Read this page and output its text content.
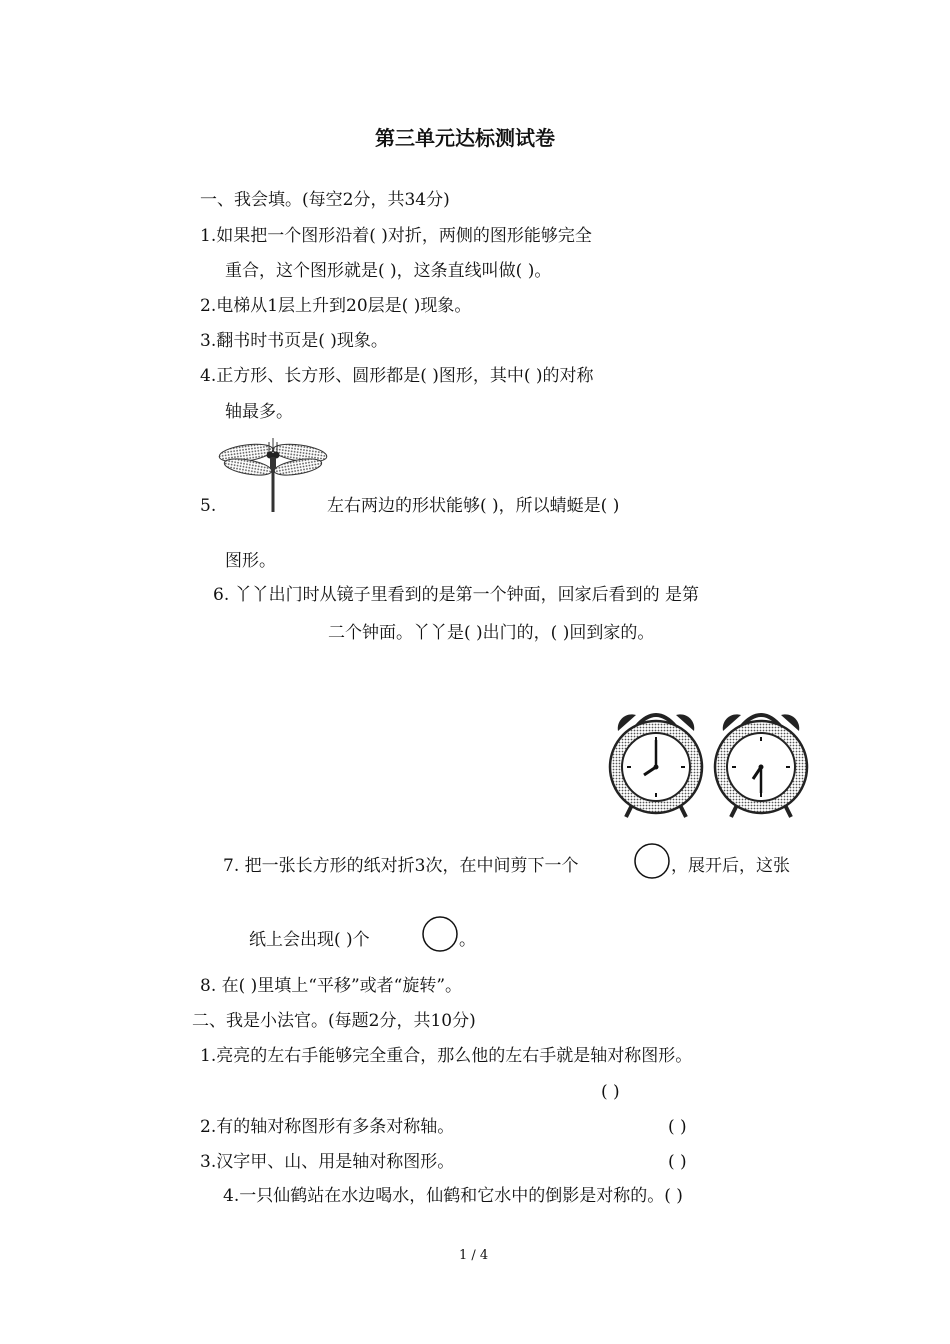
第三单元达标测试卷
一、我会填。(每空2分，共34分)
1.如果把一个图形沿着( )对折，两侧的图形能够完全
重合，这个图形就是( )，这条直线叫做( )。
2.电梯从1层上升到20层是( )现象。
3.翻书时书页是( )现象。
4.正方形、长方形、圆形都是( )图形，其中( )的对称
轴最多。
5.	左右两边的形状能够( )，所以蜻蜓是( )
图形。
6. 丫丫出门时从镜子里看到的是第一个钟面，回家后看到的 是第
二个钟面。丫丫是( )出门的，( )回到家的。
7. 把一张长方形的纸对折3次，在中间剪下一个	，展开后，这张
纸上会出现( )个	。
8. 在( )里填上“平移”或者“旋转”。
二、我是小法官。(每题2分，共10分)
1.亮亮的左右手能够完全重合，那么他的左右手就是轴对称图形。
( )
2.有的轴对称图形有多条对称轴。	( )
3.汉字甲、山、用是轴对称图形。	( )
4.一只仙鹤站在水边喝水，仙鹤和它水中的倒影是对称的。( )
1 / 4
